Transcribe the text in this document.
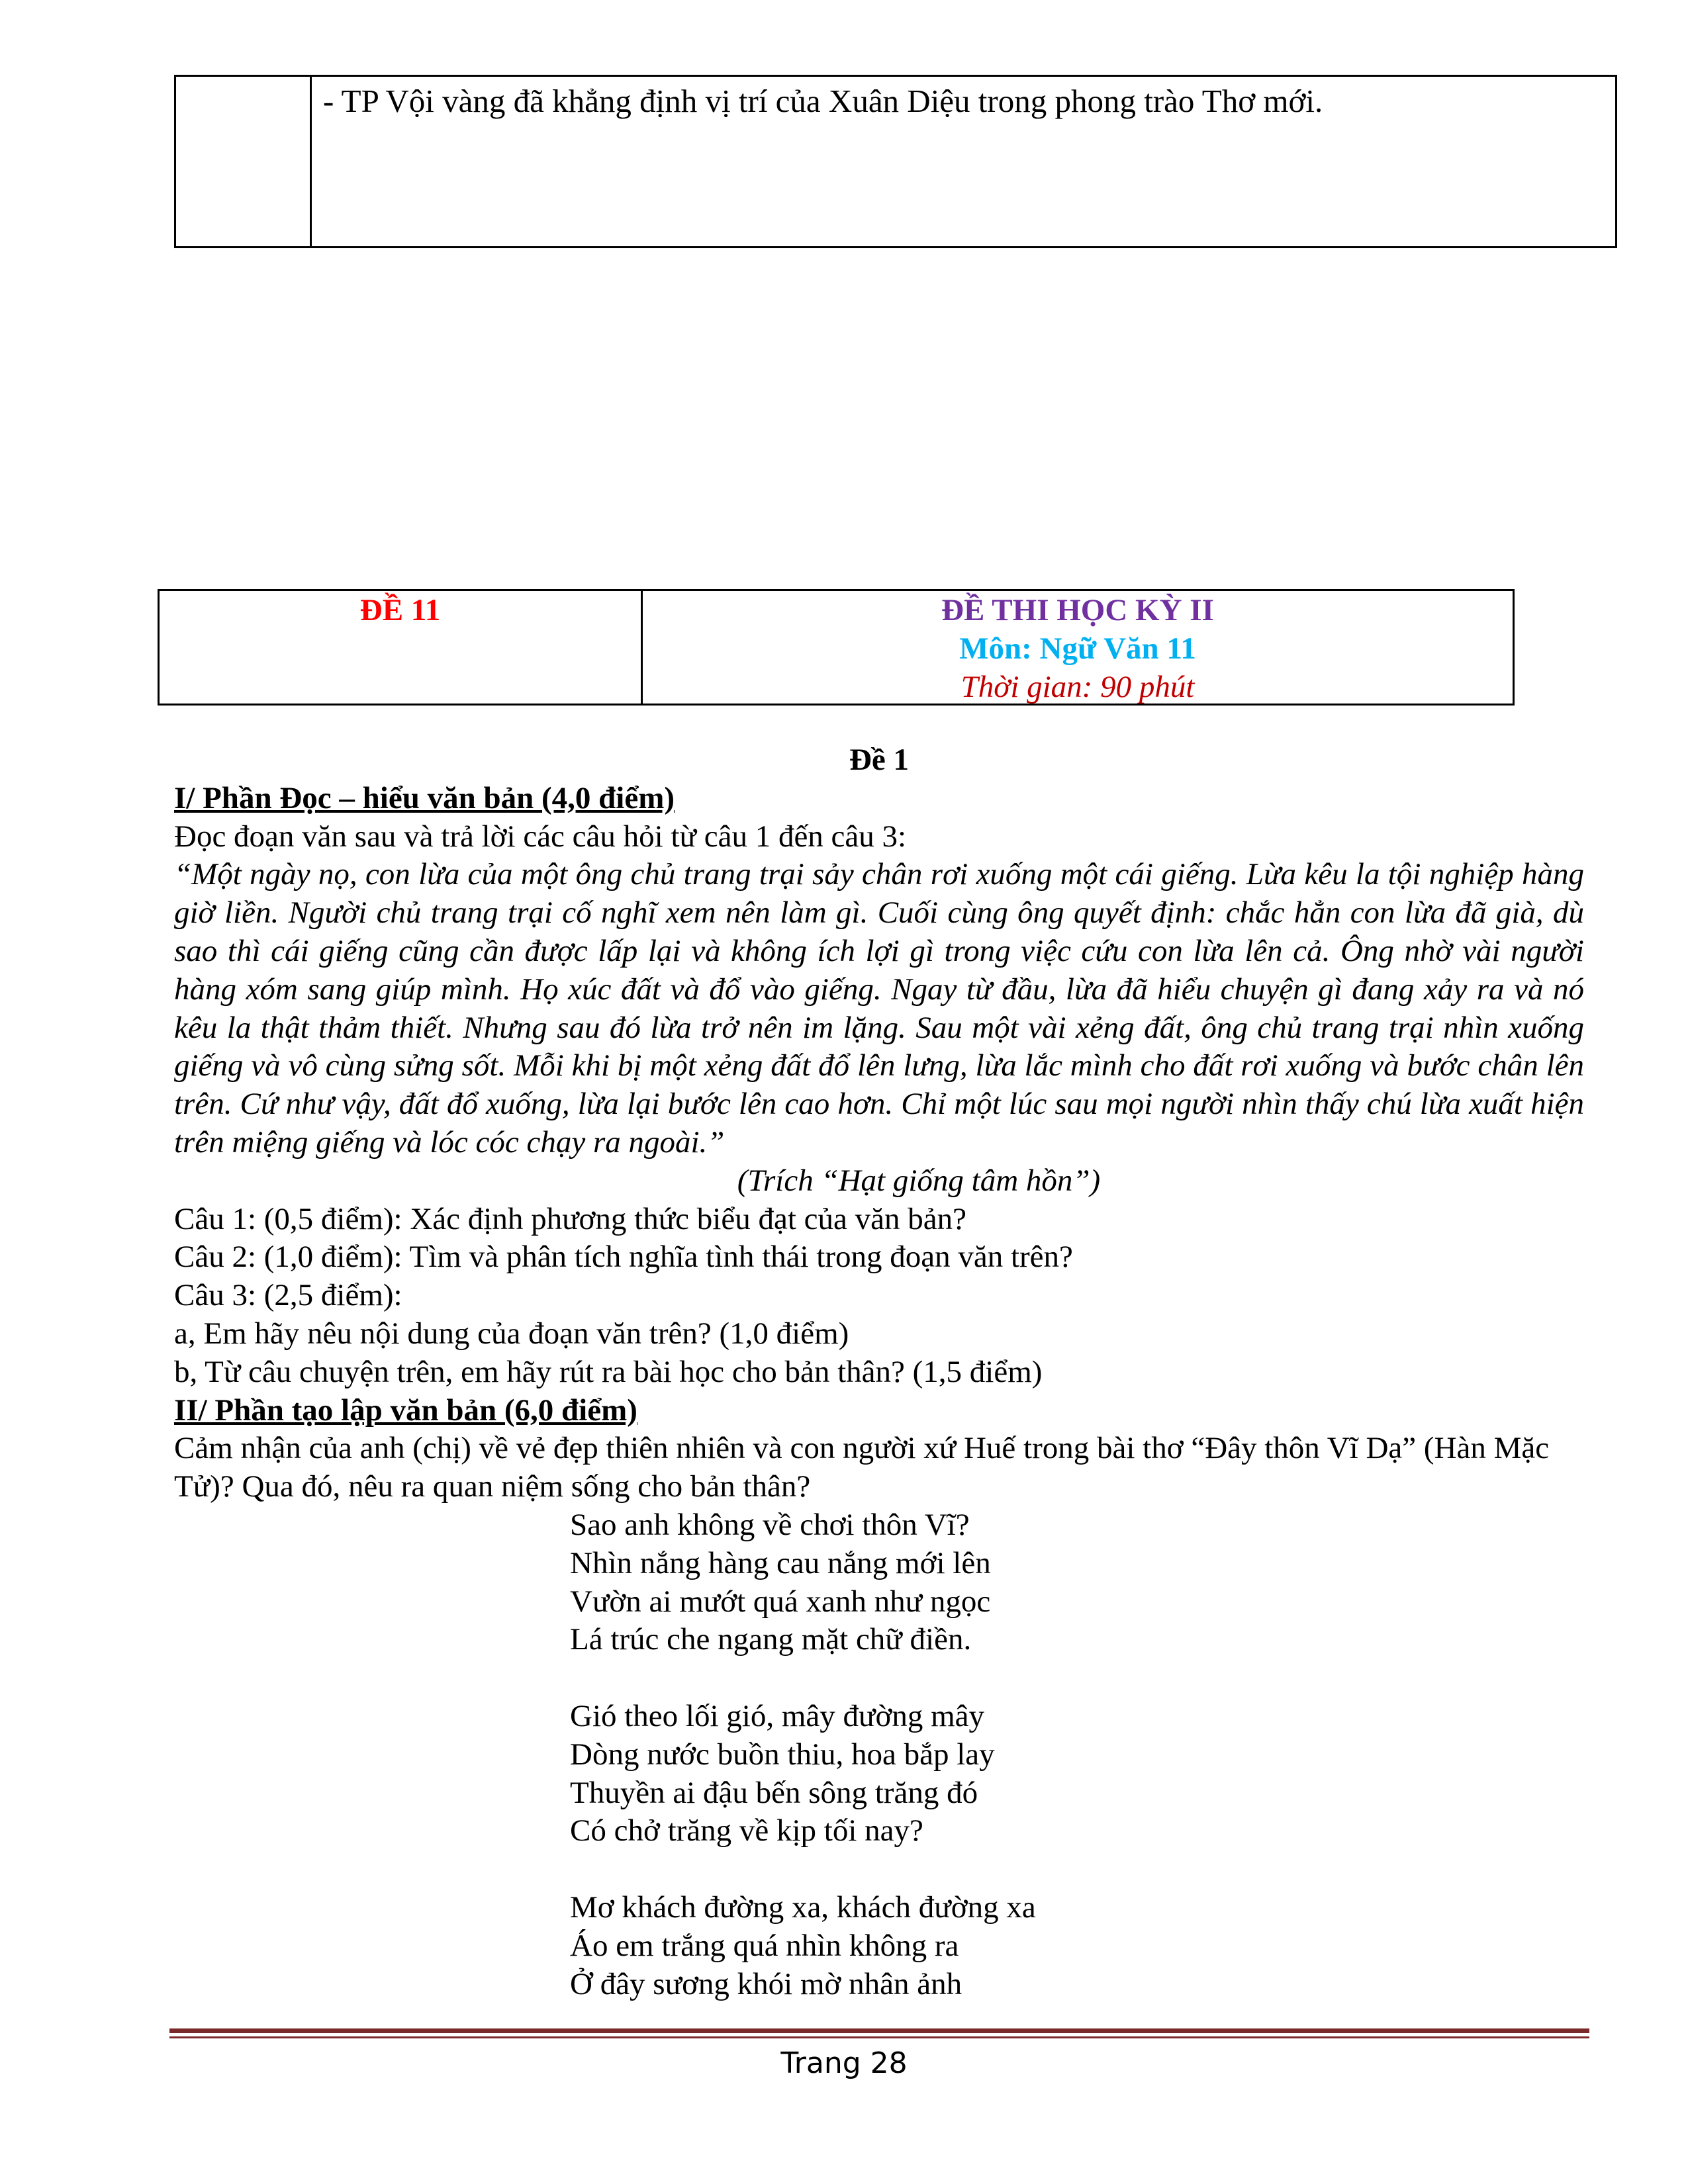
- TP Vội vàng đã khẳng định vị trí của Xuân Diệu trong phong trào Thơ mới.
ĐỀ 11	ĐỀ THI HỌC KỲ II
Môn: Ngữ Văn 11
Thời gian: 90 phút

Đề 1

I/ Phần Đọc – hiểu văn bản (4,0 điểm)

Đọc đoạn văn sau và trả lời các câu hỏi từ câu 1 đến câu 3:

“Một ngày nọ, con lừa của một ông chủ trang trại sảy chân rơi xuống một cái giếng. Lừa kêu la tội nghiệp hàng giờ liền. Người chủ trang trại cố nghĩ xem nên làm gì. Cuối cùng ông quyết định: chắc hẳn con lừa đã già, dù sao thì cái giếng cũng cần được lấp lại và không ích lợi gì trong việc cứu con lừa lên cả. Ông nhờ vài người hàng xóm sang giúp mình. Họ xúc đất và đổ vào giếng. Ngay từ đầu, lừa đã hiểu chuyện gì đang xảy ra và nó kêu la thật thảm thiết. Nhưng sau đó lừa trở nên im lặng. Sau một vài xẻng đất, ông chủ trang trại nhìn xuống giếng và vô cùng sửng sốt. Mỗi khi bị một xẻng đất đổ lên lưng, lừa lắc mình cho đất rơi xuống và bước chân lên trên. Cứ như vậy, đất đổ xuống, lừa lại bước lên cao hơn. Chỉ một lúc sau mọi người nhìn thấy chú lừa xuất hiện trên miệng giếng và lóc cóc chạy ra ngoài.”

(Trích “Hạt giống tâm hồn”)

Câu 1: (0,5 điểm): Xác định phương thức biểu đạt của văn bản?

Câu 2: (1,0 điểm): Tìm và phân tích nghĩa tình thái trong đoạn văn trên?

Câu 3: (2,5 điểm):

a, Em hãy nêu nội dung của đoạn văn trên? (1,0 điểm)

b, Từ câu chuyện trên, em hãy rút ra bài học cho bản thân? (1,5 điểm)

II/ Phần tạo lập văn bản (6,0 điểm)

Cảm nhận của anh (chị) về vẻ đẹp thiên nhiên và con người xứ Huế trong bài thơ “Đây thôn Vĩ Dạ” (Hàn Mặc Tử)? Qua đó, nêu ra quan niệm sống cho bản thân?

Sao anh không về chơi thôn Vĩ?

Nhìn nắng hàng cau nắng mới lên

Vườn ai mướt quá xanh như ngọc

Lá trúc che ngang mặt chữ điền.

Gió theo lối gió, mây đường mây

Dòng nước buồn thiu, hoa bắp lay

Thuyền ai đậu bến sông trăng đó

Có chở trăng về kịp tối nay?

Mơ khách đường xa, khách đường xa

Áo em trắng quá nhìn không ra

Ở đây sương khói mờ nhân ảnh

Trang 28
